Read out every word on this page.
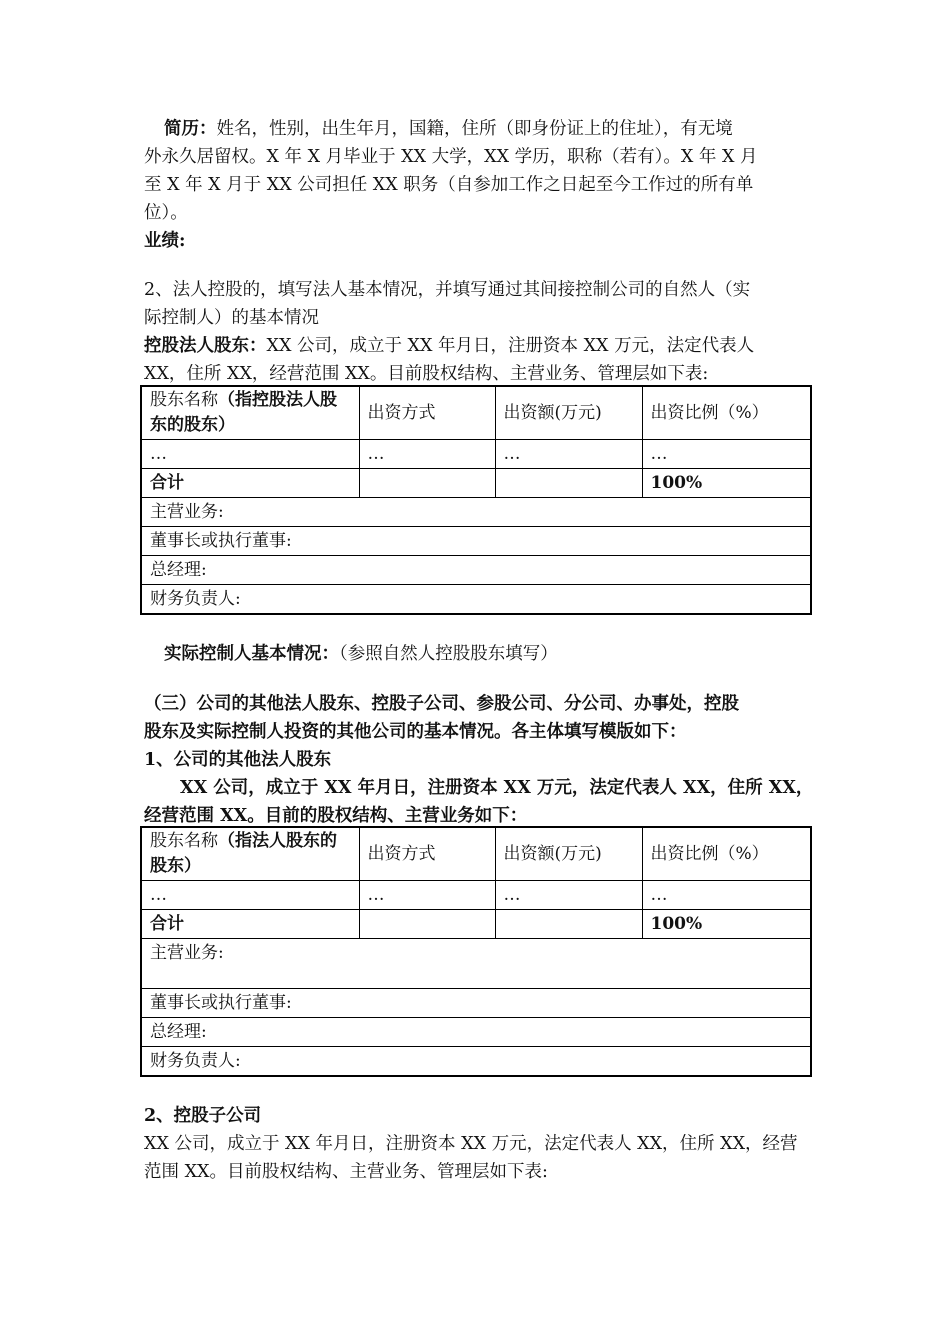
简历：姓名，性别，出生年月，国籍，住所（即身份证上的住址），有无境

外永久居留权。X 年 X 月毕业于 XX 大学，XX 学历，职称（若有）。X 年 X 月

至 X 年 X 月于 XX 公司担任 XX 职务（自参加工作之日起至今工作过的所有单

位）。

业绩:

2、法人控股的，填写法人基本情况，并填写通过其间接控制公司的自然人（实

际控制人）的基本情况

控股法人股东：XX 公司，成立于 XX 年月日，注册资本 XX 万元，法定代表人

XX，住所 XX，经营范围 XX。目前股权结构、主营业务、管理层如下表:

股东名称（指控股法人股东的股东）	出资方式	出资额(万元)	出资比例（%）
…	…	…	…
合计			100%
主营业务:			
董事长或执行董事:			
总经理:			
财务负责人:			

实际控制人基本情况：（参照自然人控股股东填写）

（三）公司的其他法人股东、控股子公司、参股公司、分公司、办事处，控股

股东及实际控制人投资的其他公司的基本情况。各主体填写模版如下：

1、公司的其他法人股东

XX 公司，成立于 XX 年月日，注册资本 XX 万元，法定代表人 XX，住所 XX，

经营范围 XX。目前的股权结构、主营业务如下：

股东名称（指法人股东的股东）	出资方式	出资额(万元)	出资比例（%）
…	…	…	…
合计			100%
主营业务:			
董事长或执行董事:			
总经理:			
财务负责人:			

2、控股子公司

XX 公司，成立于 XX 年月日，注册资本 XX 万元，法定代表人 XX，住所 XX，经营

范围 XX。目前股权结构、主营业务、管理层如下表:
